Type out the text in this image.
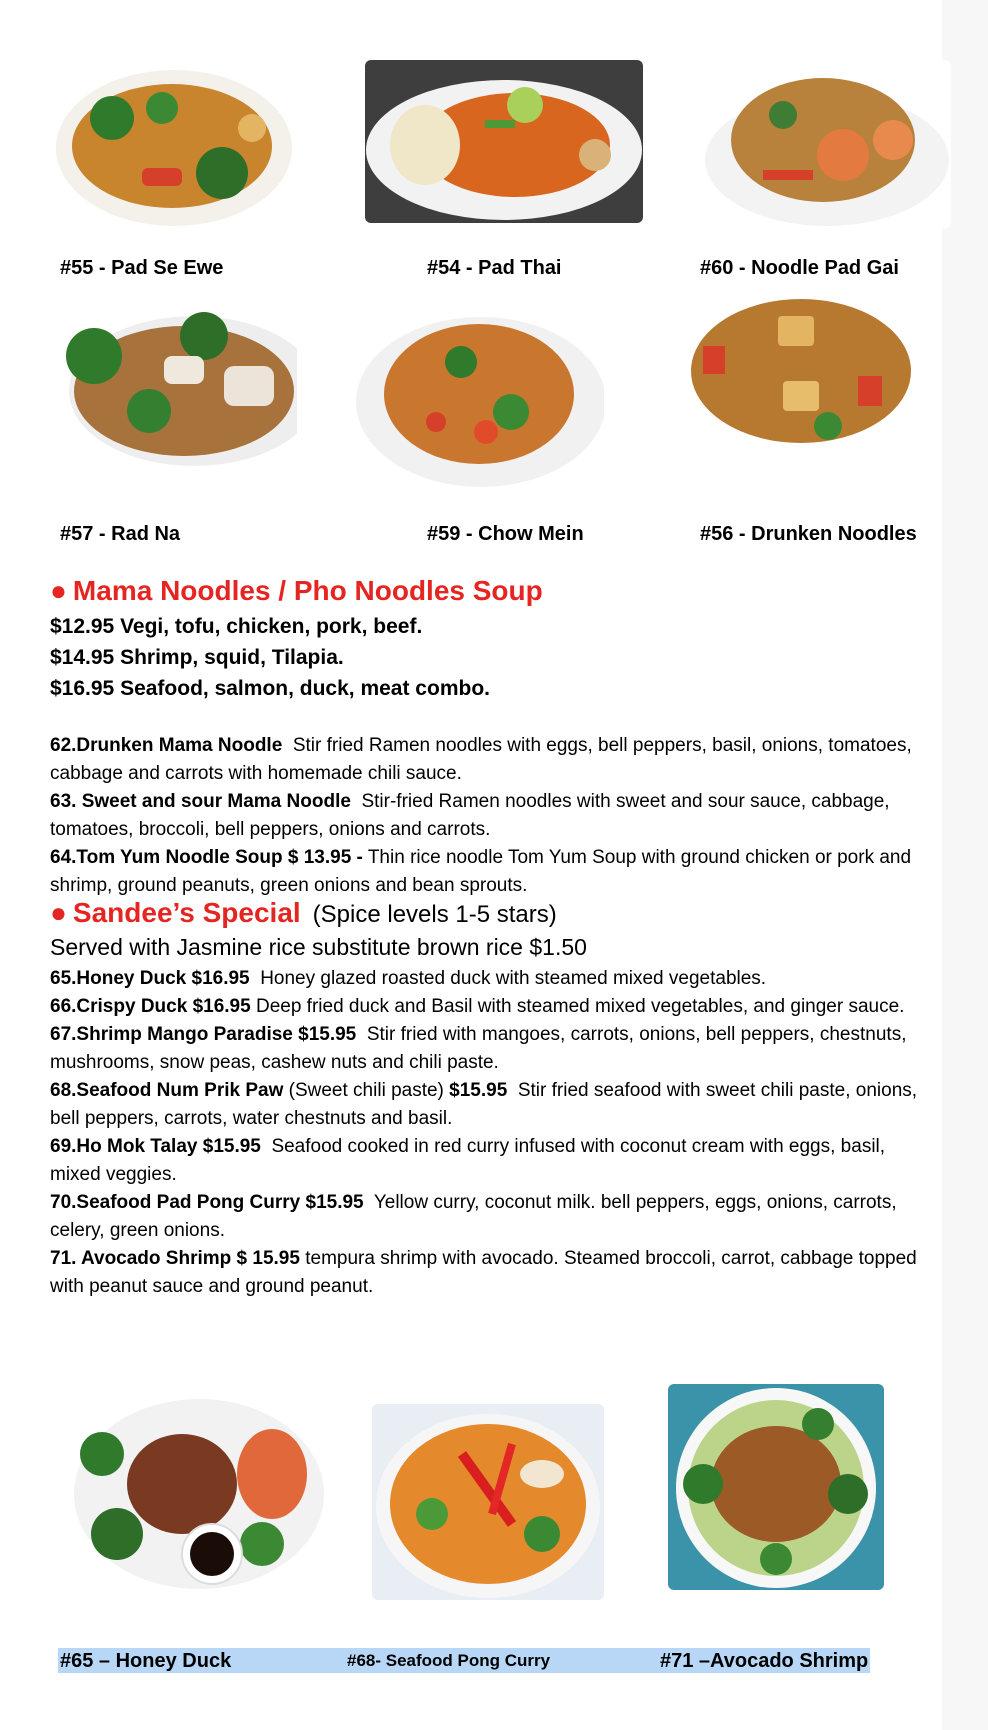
#55 - Pad Se Ewe	#54 - Pad Thai	#60 - Noodle Pad Gai
#57 - Rad Na	#59 - Chow Mein	#56 - Drunken Noodles
● Mama Noodles / Pho Noodles Soup
$12.95 Vegi, tofu, chicken, pork, beef.
$14.95 Shrimp, squid, Tilapia.
$16.95 Seafood, salmon, duck, meat combo.
62.Drunken Mama Noodle Stir fried Ramen noodles with eggs, bell peppers, basil, onions, tomatoes, cabbage and carrots with homemade chili sauce.
63. Sweet and sour Mama Noodle Stir-fried Ramen noodles with sweet and sour sauce, cabbage, tomatoes, broccoli, bell peppers, onions and carrots.
64.Tom Yum Noodle Soup $ 13.95 - Thin rice noodle Tom Yum Soup with ground chicken or pork and shrimp, ground peanuts, green onions and bean sprouts.
● Sandee’s Special (Spice levels 1-5 stars)
Served with Jasmine rice substitute brown rice $1.50
65.Honey Duck $16.95 Honey glazed roasted duck with steamed mixed vegetables.
66.Crispy Duck $16.95 Deep fried duck and Basil with steamed mixed vegetables, and ginger sauce.
67.Shrimp Mango Paradise $15.95 Stir fried with mangoes, carrots, onions, bell peppers, chestnuts, mushrooms, snow peas, cashew nuts and chili paste.
68.Seafood Num Prik Paw (Sweet chili paste) $15.95 Stir fried seafood with sweet chili paste, onions, bell peppers, carrots, water chestnuts and basil.
69.Ho Mok Talay $15.95 Seafood cooked in red curry infused with coconut cream with eggs, basil, mixed veggies.
70.Seafood Pad Pong Curry $15.95 Yellow curry, coconut milk. bell peppers, eggs, onions, carrots, celery, green onions.
71. Avocado Shrimp $ 15.95 tempura shrimp with avocado. Steamed broccoli, carrot, cabbage topped with peanut sauce and ground peanut.
#65 – Honey Duck	#68- Seafood Pong Curry	#71 –Avocado Shrimp
